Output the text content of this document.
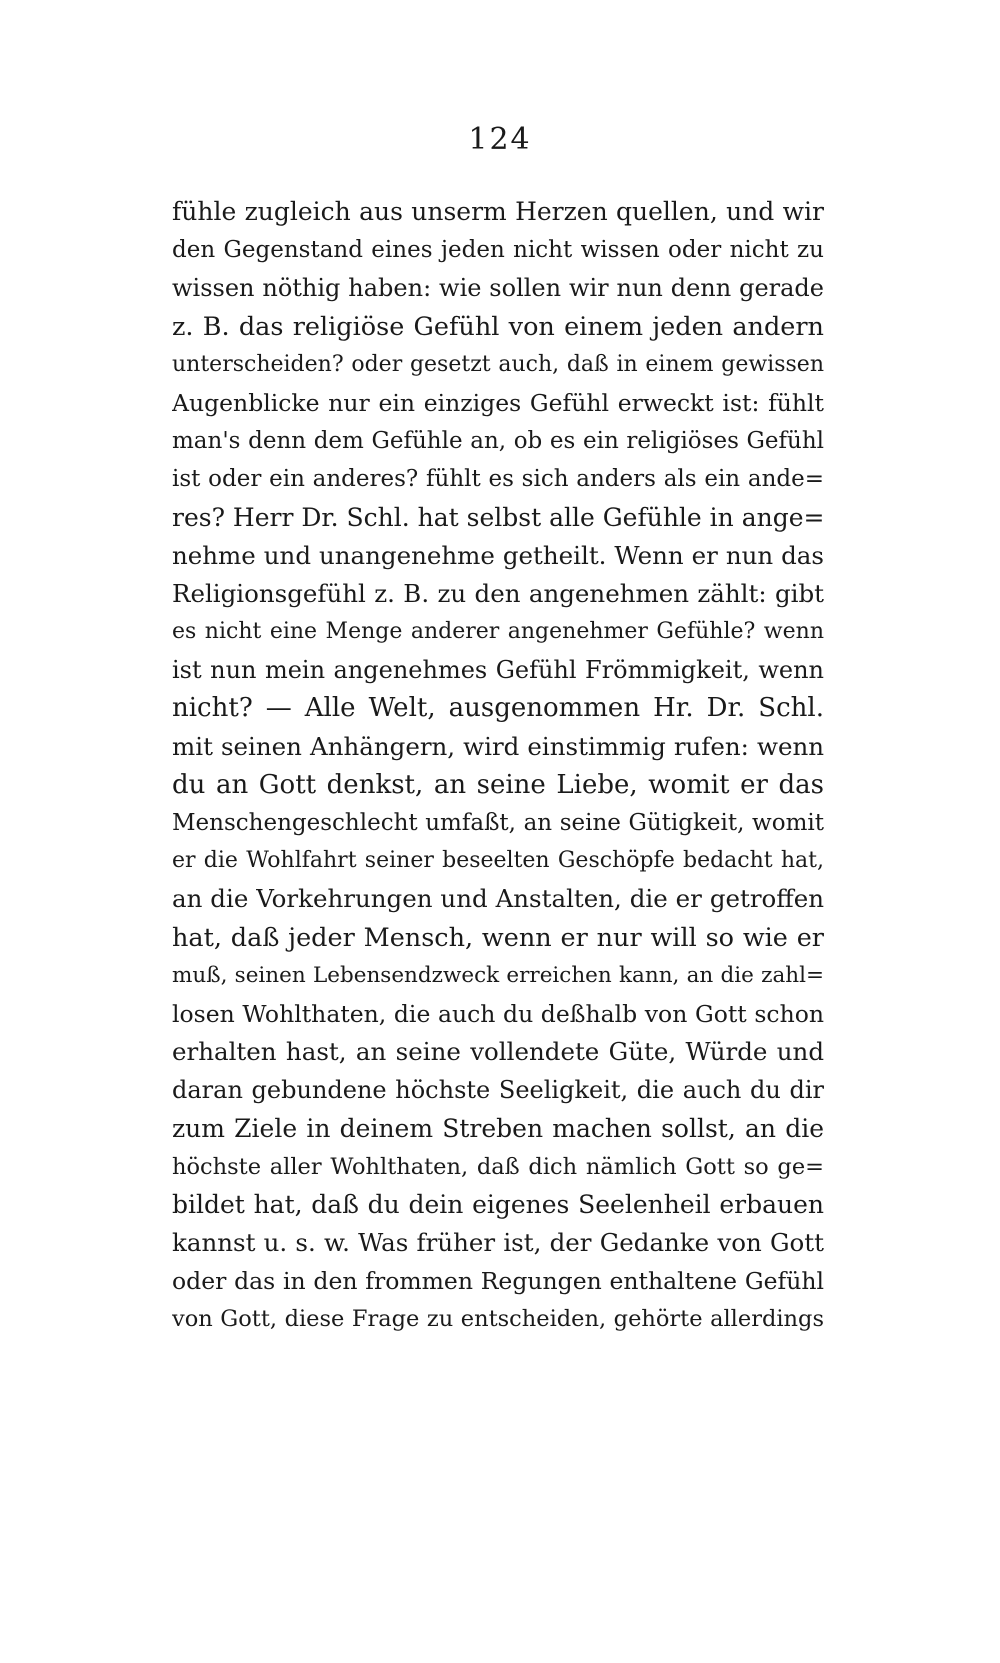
124
fühle zugleich aus unserm Herzen quellen, und wir
den Gegenstand eines jeden nicht wissen oder nicht zu
wissen nöthig haben: wie sollen wir nun denn gerade
z. B. das religiöse Gefühl von einem jeden andern
unterscheiden? oder gesetzt auch, daß in einem gewissen
Augenblicke nur ein einziges Gefühl erweckt ist: fühlt
man's denn dem Gefühle an, ob es ein religiöses Gefühl
ist oder ein anderes? fühlt es sich anders als ein ande=
res? Herr Dr. Schl. hat selbst alle Gefühle in ange=
nehme und unangenehme getheilt. Wenn er nun das
Religionsgefühl z. B. zu den angenehmen zählt: gibt
es nicht eine Menge anderer angenehmer Gefühle? wenn
ist nun mein angenehmes Gefühl Frömmigkeit, wenn
nicht? — Alle Welt, ausgenommen Hr. Dr. Schl.
mit seinen Anhängern, wird einstimmig rufen: wenn
du an Gott denkst, an seine Liebe, womit er das
Menschengeschlecht umfaßt, an seine Gütigkeit, womit
er die Wohlfahrt seiner beseelten Geschöpfe bedacht hat,
an die Vorkehrungen und Anstalten, die er getroffen
hat, daß jeder Mensch, wenn er nur will so wie er
muß, seinen Lebensendzweck erreichen kann, an die zahl=
losen Wohlthaten, die auch du deßhalb von Gott schon
erhalten hast, an seine vollendete Güte, Würde und
daran gebundene höchste Seeligkeit, die auch du dir
zum Ziele in deinem Streben machen sollst, an die
höchste aller Wohlthaten, daß dich nämlich Gott so ge=
bildet hat, daß du dein eigenes Seelenheil erbauen
kannst u. s. w. Was früher ist, der Gedanke von Gott
oder das in den frommen Regungen enthaltene Gefühl
von Gott, diese Frage zu entscheiden, gehörte allerdings
